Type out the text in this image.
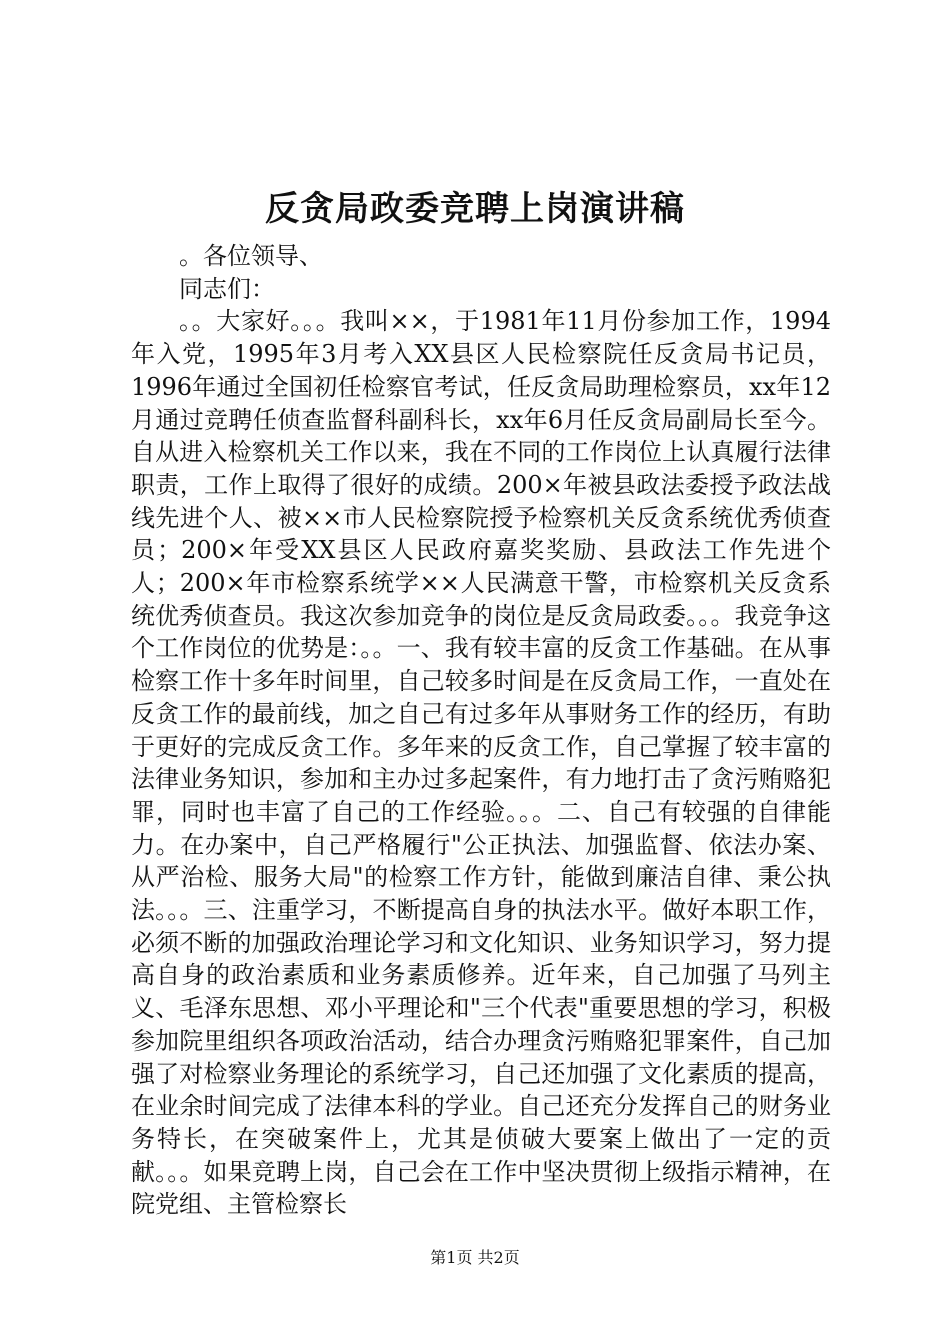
反贪局政委竞聘上岗演讲稿

。各位领导、

同志们：

。。大家好。。。我叫××，于1981年11月份参加工作，1994年入党，1995年3月考入XX县区人民检察院任反贪局书记员，1996年通过全国初任检察官考试，任反贪局助理检察员，xx年12月通过竞聘任侦查监督科副科长，xx年6月任反贪局副局长至今。自从进入检察机关工作以来，我在不同的工作岗位上认真履行法律职责，工作上取得了很好的成绩。200×年被县政法委授予政法战线先进个人、被××市人民检察院授予检察机关反贪系统优秀侦查员；200×年受XX县区人民政府嘉奖奖励、县政法工作先进个人；200×年市检察系统学××人民满意干警，市检察机关反贪系统优秀侦查员。我这次参加竞争的岗位是反贪局政委。。。我竞争这个工作岗位的优势是：。。一、我有较丰富的反贪工作基础。在从事检察工作十多年时间里，自己较多时间是在反贪局工作，一直处在反贪工作的最前线，加之自己有过多年从事财务工作的经历，有助于更好的完成反贪工作。多年来的反贪工作，自己掌握了较丰富的法律业务知识，参加和主办过多起案件，有力地打击了贪污贿赂犯罪，同时也丰富了自己的工作经验。。。二、自己有较强的自律能力。在办案中，自己严格履行"公正执法、加强监督、依法办案、从严治检、服务大局"的检察工作方针，能做到廉洁自律、秉公执法。。。三、注重学习，不断提高自身的执法水平。做好本职工作，必须不断的加强政治理论学习和文化知识、业务知识学习，努力提高自身的政治素质和业务素质修养。近年来，自己加强了马列主义、毛泽东思想、邓小平理论和"三个代表"重要思想的学习，积极参加院里组织各项政治活动，结合办理贪污贿赂犯罪案件，自己加强了对检察业务理论的系统学习，自己还加强了文化素质的提高，在业余时间完成了法律本科的学业。自己还充分发挥自己的财务业务特长，在突破案件上，尤其是侦破大要案上做出了一定的贡献。。。如果竞聘上岗，自己会在工作中坚决贯彻上级指示精神，在院党组、主管检察长

第1页 共2页
